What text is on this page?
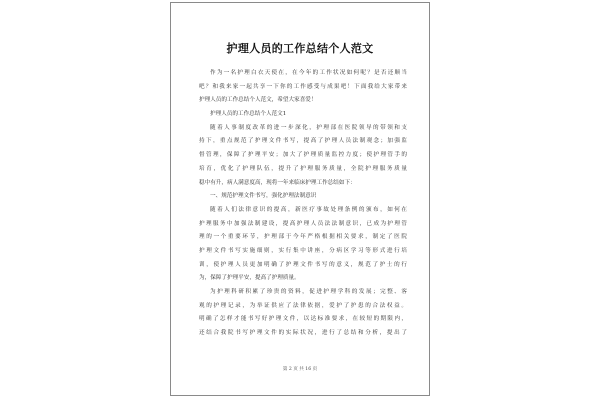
护理人员的工作总结个人范文
作为一名护理白衣天使在，在今年的工作状况如何呢？是否还顺当
吧？和我来家一起共享一下你的工作感受与成果吧！下面我给大家带来
护理人员的工作总结个人范文，希望大家喜爱！
护理人员的工作总结个人范文1
随着人事制度改革的进一步深化，护理部在医院领导的带领和支
持下，重点规范了护理文件书写，提高了护理人员法制观念；加强监
督管理，保障了护理平安；加大了护理质量监控力度；使护理管手的
培育，优化了护理队伍，提升了护理服务质量，全院护理服务质量
稳中有升，病人满意度高，现将一年来临床护理工作总结如下：
一、规范护理文件书写，强化护理法制意识
随着人们法律意识的提高，新医疗事故处理条例的颁布，如何在
护理服务中加强法制建设，提高护理人员法法制意识，已成为护理管
理的一个重要环节，护理部于今年严格根据相关要求，制定了医院
护理文件书写实施细则，实行集中讲座，分病区学习等形式进行培
训，使护理人员更加明确了护理文件书写的意义，规范了护士的行
为，保障了护理平安，提高了护理质量。
为护理科研积累了珍贵的资料，促进护理学科的发展；完整、客
观的护理记录，为举证供应了法律依据，爱护了护患的合法权益。
明确了怎样才能书写好护理文件，以达标准要求，在较短的期限内，
还结合我院书写护理文件的实际状况，进行了总结和分析，提出了
第 2 页 共 16 页
